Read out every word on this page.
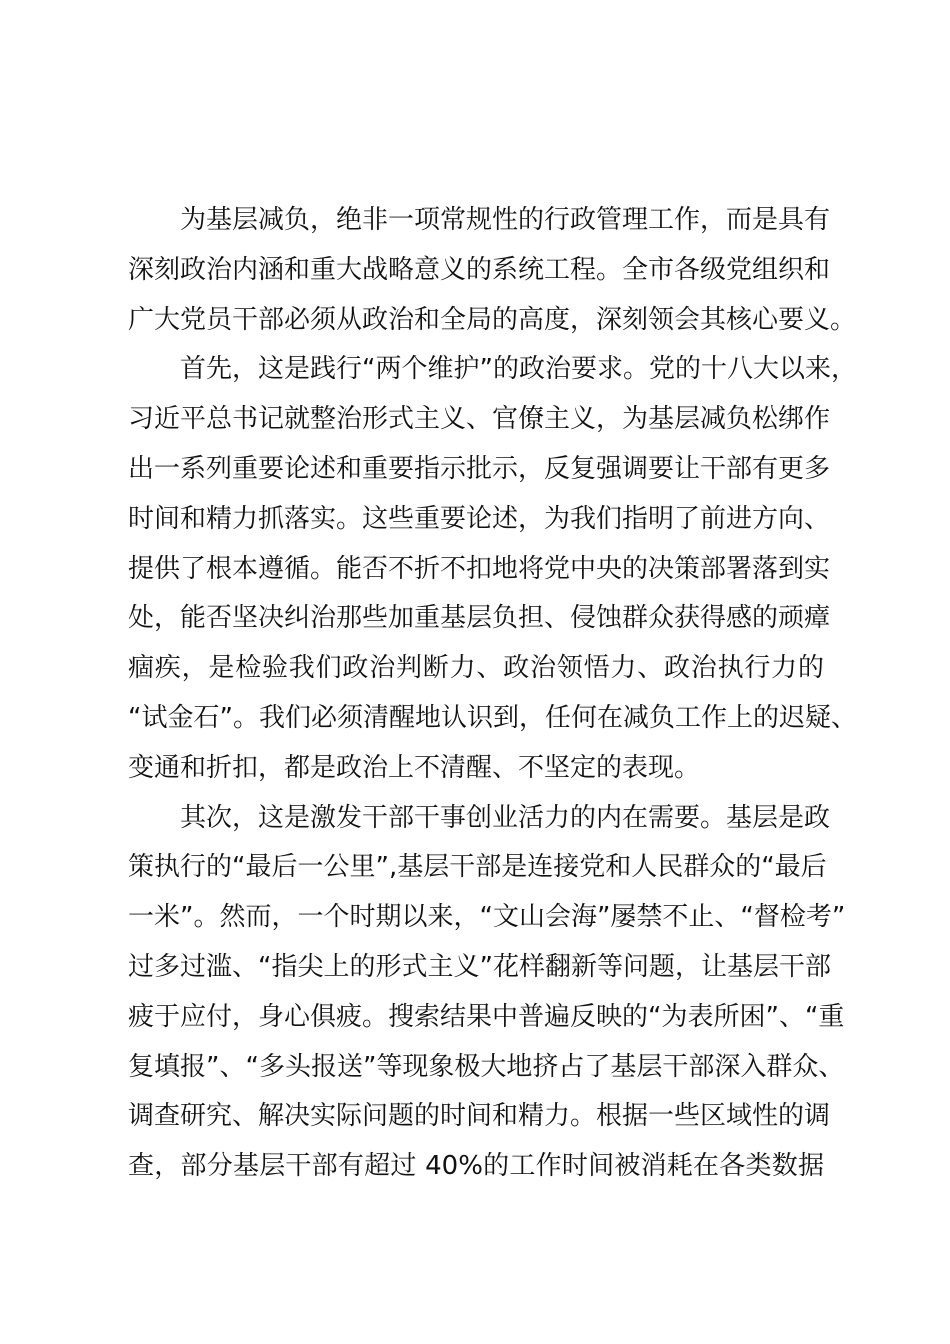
为基层减负，绝非一项常规性的行政管理工作，而是具有
深刻政治内涵和重大战略意义的系统工程。全市各级党组织和
广大党员干部必须从政治和全局的高度，深刻领会其核心要义。
首先，这是践行“两个维护”的政治要求。党的十八大以来，
习近平总书记就整治形式主义、官僚主义，为基层减负松绑作
出一系列重要论述和重要指示批示，反复强调要让干部有更多
时间和精力抓落实。这些重要论述，为我们指明了前进方向、
提供了根本遵循。能否不折不扣地将党中央的决策部署落到实
处，能否坚决纠治那些加重基层负担、侵蚀群众获得感的顽瘴
痼疾，是检验我们政治判断力、政治领悟力、政治执行力的
“试金石”。我们必须清醒地认识到，任何在减负工作上的迟疑、
变通和折扣，都是政治上不清醒、不坚定的表现。
其次，这是激发干部干事创业活力的内在需要。基层是政
策执行的“最后一公里”,基层干部是连接党和人民群众的“最后
一米”。然而，一个时期以来，“文山会海”屡禁不止、“督检考”
过多过滥、“指尖上的形式主义”花样翻新等问题，让基层干部
疲于应付，身心俱疲。搜索结果中普遍反映的“为表所困”、“重
复填报”、“多头报送”等现象极大地挤占了基层干部深入群众、
调查研究、解决实际问题的时间和精力。根据一些区域性的调
查，部分基层干部有超过 40%的工作时间被消耗在各类数据
